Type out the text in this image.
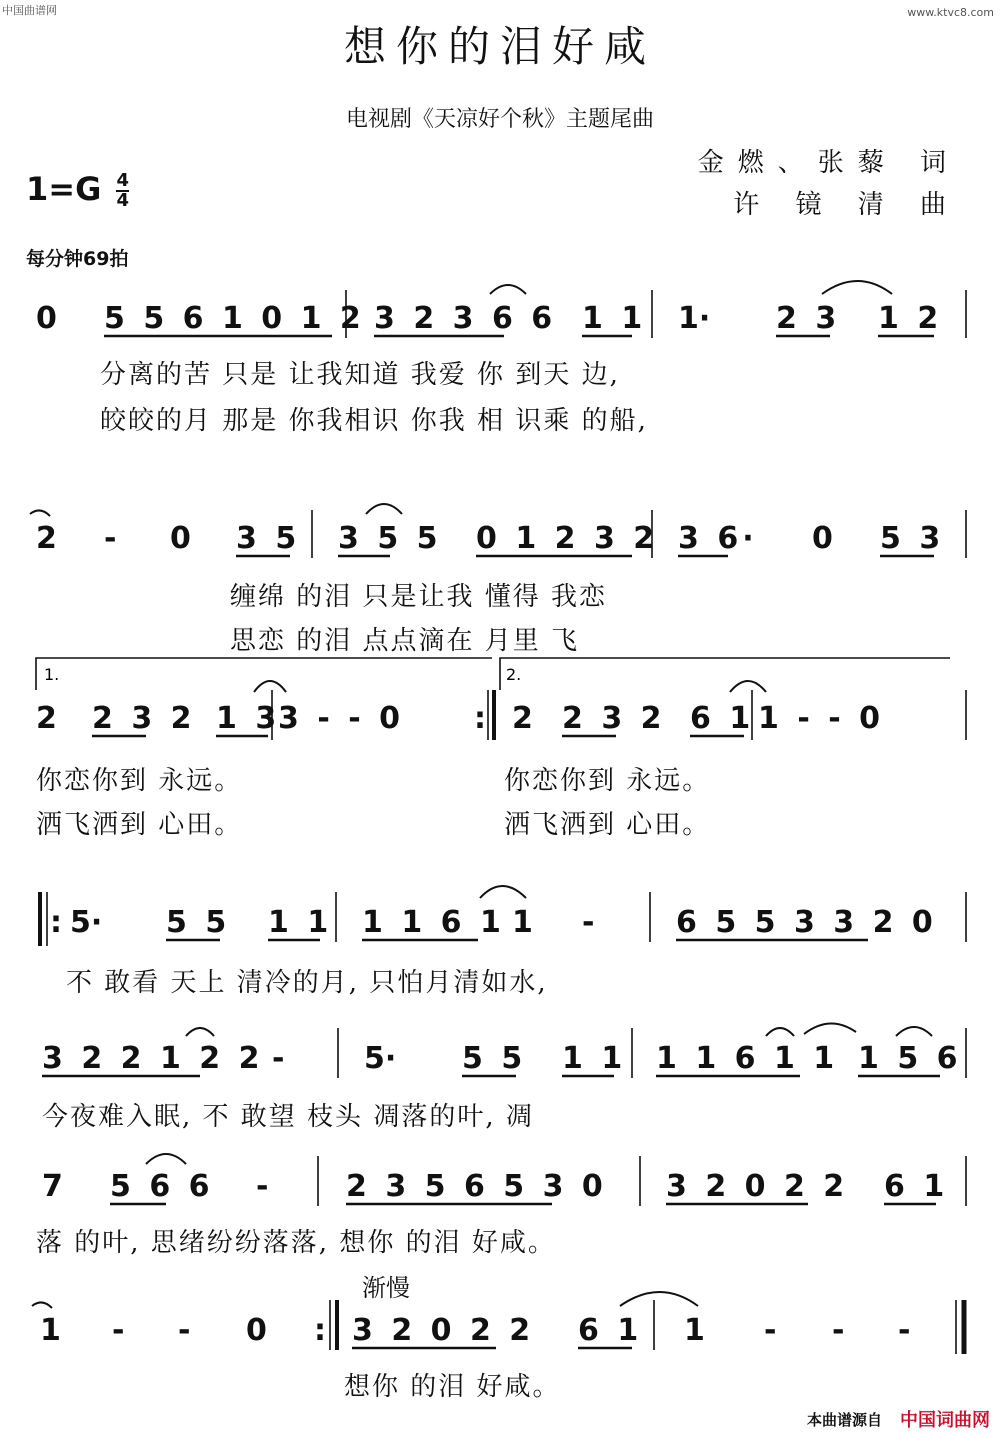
中国曲谱网	www.ktvc8.com
想你的泪好咸
电视剧《天凉好个秋》主题尾曲
金燃、张藜 词
许 镜 清 曲
$1=G \frac{4}{4}$
每分钟69拍
0 5 5 6 1 0 1 2 3 2 3 6 6 1 1 1· 2 3 1 2
分离的苦 只是 让我知道 我爱 你 到天 边,
皎皎的月 那是 你我相识 你我 相 识乘 的船,
2 - 0 3 5 3 5 5 0 1 2 3 2 3 6· 0 5 3
缠绵 的泪 只是让我 懂得 我恋
思恋 的泪 点点滴在 月里 飞
1.
2 2 3 2 1 3
3 - - 0 :
2.
2 2 3 2 6 1 1 - - 0
你恋你到 永远。
洒飞洒到 心田。
你恋你到 永远。
洒飞洒到 心田。
: 5· 5 5 1 1 1 1 6 1 1 -	6 5 5 3 3 2 0
不 敢看 天上 清冷的月, 只怕月清如水,
3 2 2 1 2 2 -	5· 5 5 1 1 1 1 6 1 1 1 5 6
今夜难入眠, 不 敢望 枝头 凋落的叶, 凋
7 5 6 6 -	2 3 5 6 5 3 0 3 2 0 2 2 6 1
落 的叶, 思绪纷纷落落, 想你 的泪 好咸。
渐慢
1 - - 0 : 3 2 0 2 2 6 1 1 - - -
想你 的泪 好咸。
本曲谱源自 中国词曲网
